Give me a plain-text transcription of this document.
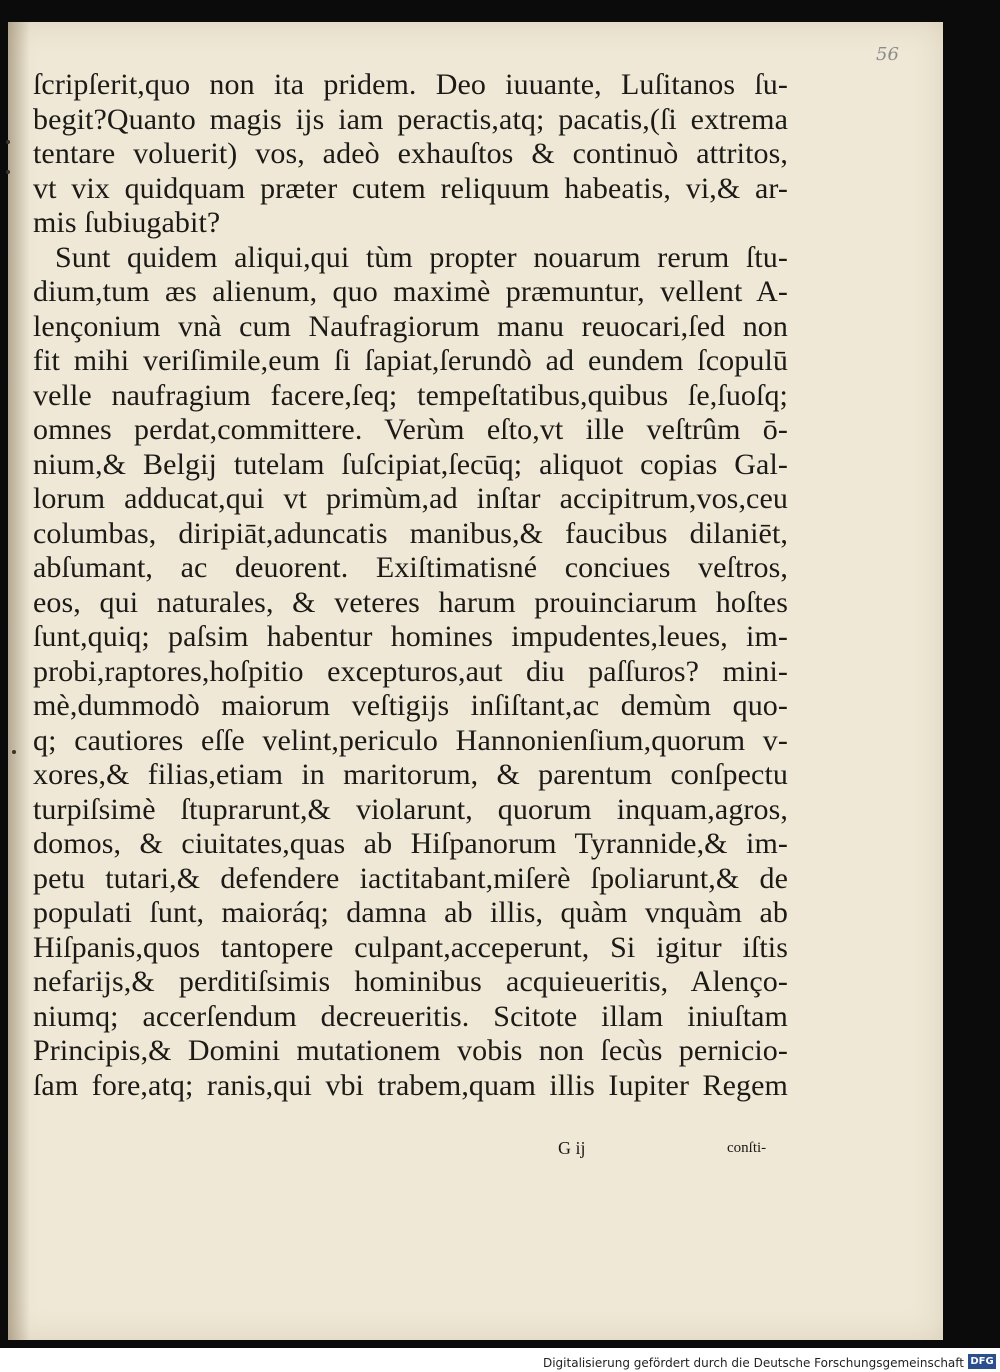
56
ſcripſerit,quo non ita pridem. Deo iuuante, Luſitanos ſu-
begit?Quanto magis ijs iam peractis,atq; pacatis,(ſi extrema
tentare voluerit) vos, adeò exhauſtos & continuò attritos,
vt vix quidquam præter cutem reliquum habeatis, vi,& ar-
mis ſubiugabit?
Sunt quidem aliqui,qui tùm propter nouarum rerum ſtu-
dium,tum æs alienum, quo maximè præmuntur, vellent A-
lençonium vnà cum Naufragiorum manu reuocari,ſed non
fit mihi veriſimile,eum ſi ſapiat,ſerundò ad eundem ſcopulū
velle naufragium facere,ſeq; tempeſtatibus,quibus ſe,ſuoſq;
omnes perdat,committere. Verùm eſto,vt ille veſtrûm ō-
nium,& Belgij tutelam ſuſcipiat,ſecūq; aliquot copias Gal-
lorum adducat,qui vt primùm,ad inſtar accipitrum,vos,ceu
columbas, diripiāt,aduncatis manibus,& faucibus dilaniēt,
abſumant, ac deuorent. Exiſtimatisné conciues veſtros,
eos, qui naturales, & veteres harum prouinciarum hoſtes
ſunt,quiq; paſsim habentur homines impudentes,leues, im-
probi,raptores,hoſpitio excepturos,aut diu paſſuros? mini-
mè,dummodò maiorum veſtigijs inſiſtant,ac demùm quo-
q; cautiores eſſe velint,periculo Hannonienſium,quorum v-
xores,& filias,etiam in maritorum, & parentum conſpectu
turpiſsimè ſtuprarunt,& violarunt, quorum inquam,agros,
domos, & ciuitates,quas ab Hiſpanorum Tyrannide,& im-
petu tutari,& defendere iactitabant,miſerè ſpoliarunt,& de
populati ſunt, maioráq; damna ab illis, quàm vnquàm ab
Hiſpanis,quos tantopere culpant,acceperunt, Si igitur iſtis
nefarijs,& perditiſsimis hominibus acquieueritis, Alenço-
niumq; accerſendum decreueritis. Scitote illam iniuſtam
Principis,& Domini mutationem vobis non ſecùs pernicio-
ſam fore,atq; ranis,qui vbi trabem,quam illis Iupiter Regem
G ij	conſti-
Digitalisierung gefördert durch die Deutsche Forschungsgemeinschaft DFG
